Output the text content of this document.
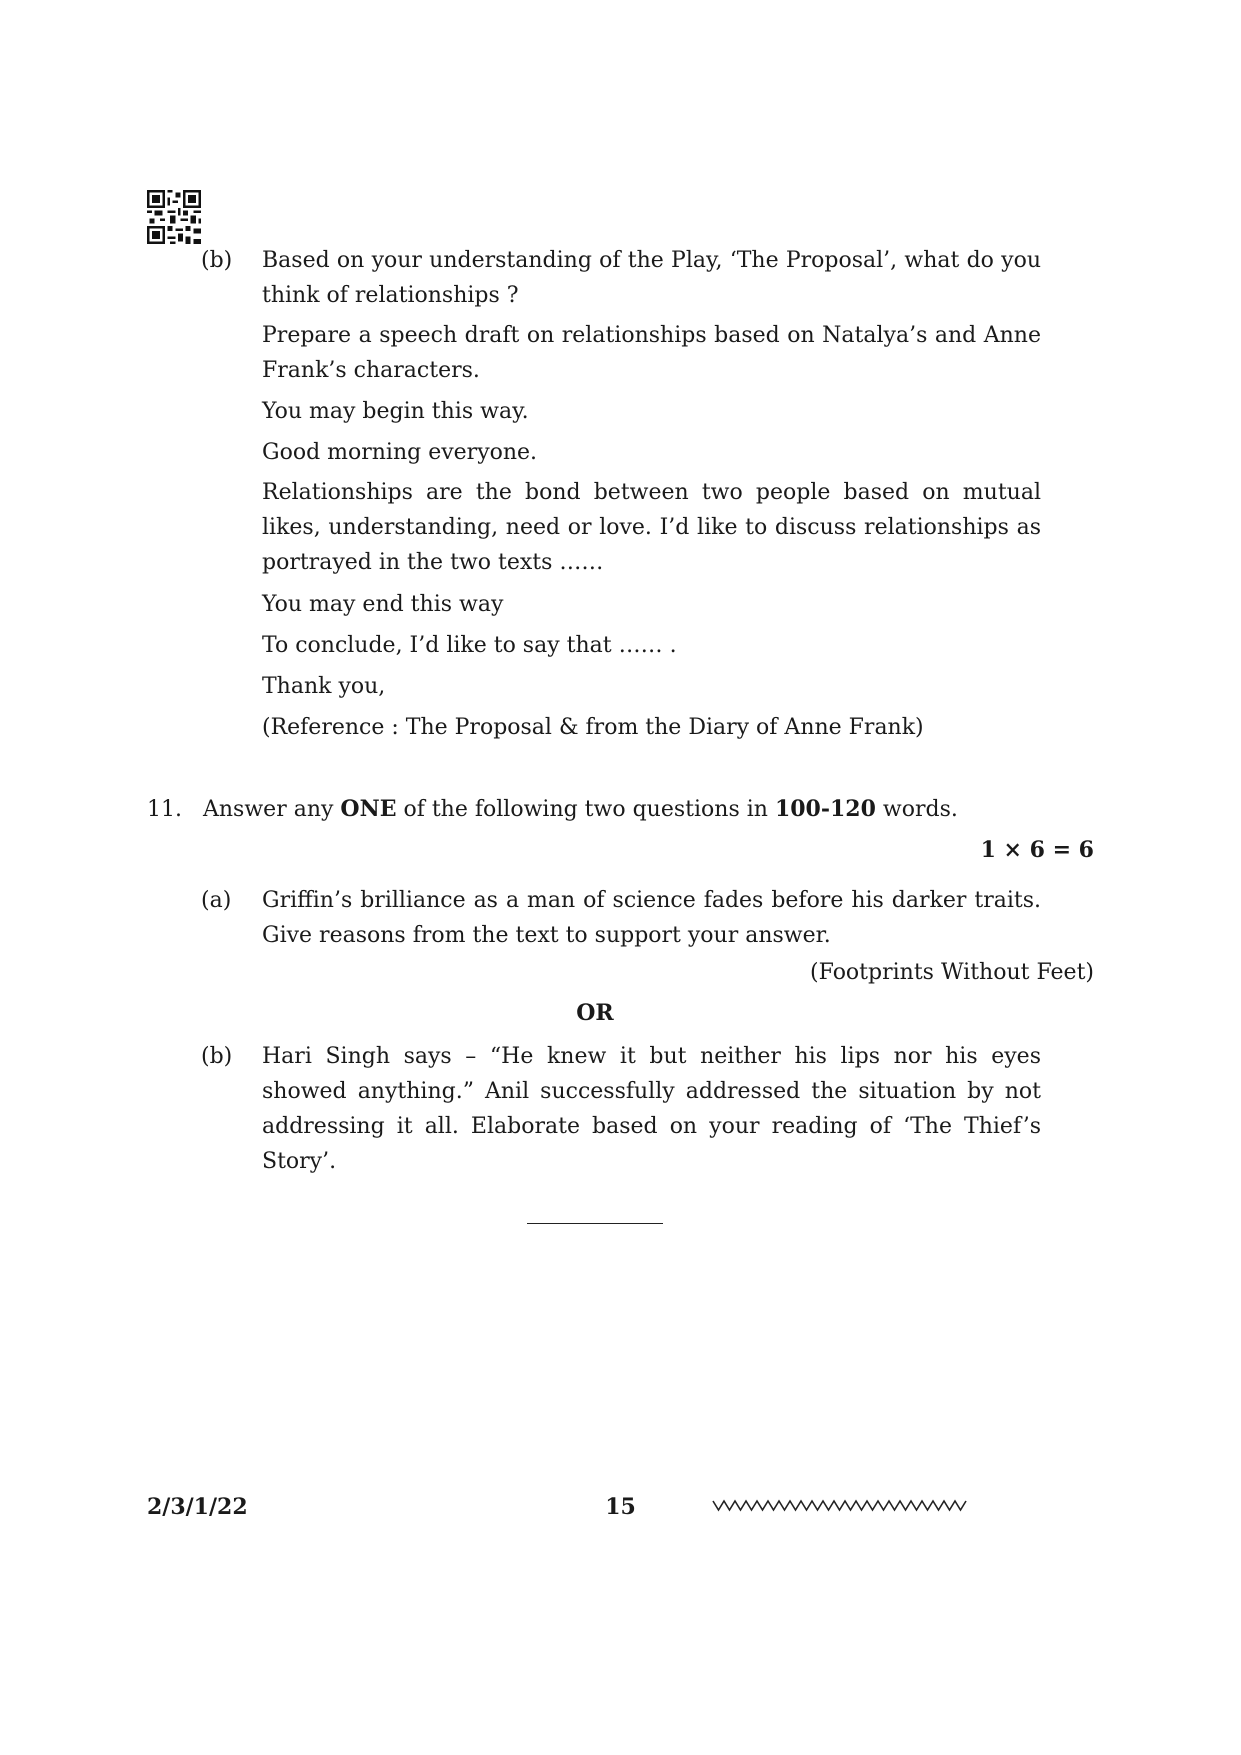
(b) Based on your understanding of the Play, ‘The Proposal’, what do you think of relationships ?

Prepare a speech draft on relationships based on Natalya’s and Anne Frank’s characters.

You may begin this way.
Good morning everyone.

Relationships are the bond between two people based on mutual likes, understanding, need or love. I’d like to discuss relationships as portrayed in the two texts ……

You may end this way
To conclude, I’d like to say that …… .
Thank you,
(Reference : The Proposal & from the Diary of Anne Frank)
11. Answer any ONE of the following two questions in 100-120 words.
1 × 6 = 6
(a) Griffin’s brilliance as a man of science fades before his darker traits. Give reasons from the text to support your answer.

(Footprints Without Feet)
OR
(b) Hari Singh says – “He knew it but neither his lips nor his eyes showed anything.” Anil successfully addressed the situation by not addressing it all. Elaborate based on your reading of ‘The Thief’s Story’.

2/3/1/22	15
